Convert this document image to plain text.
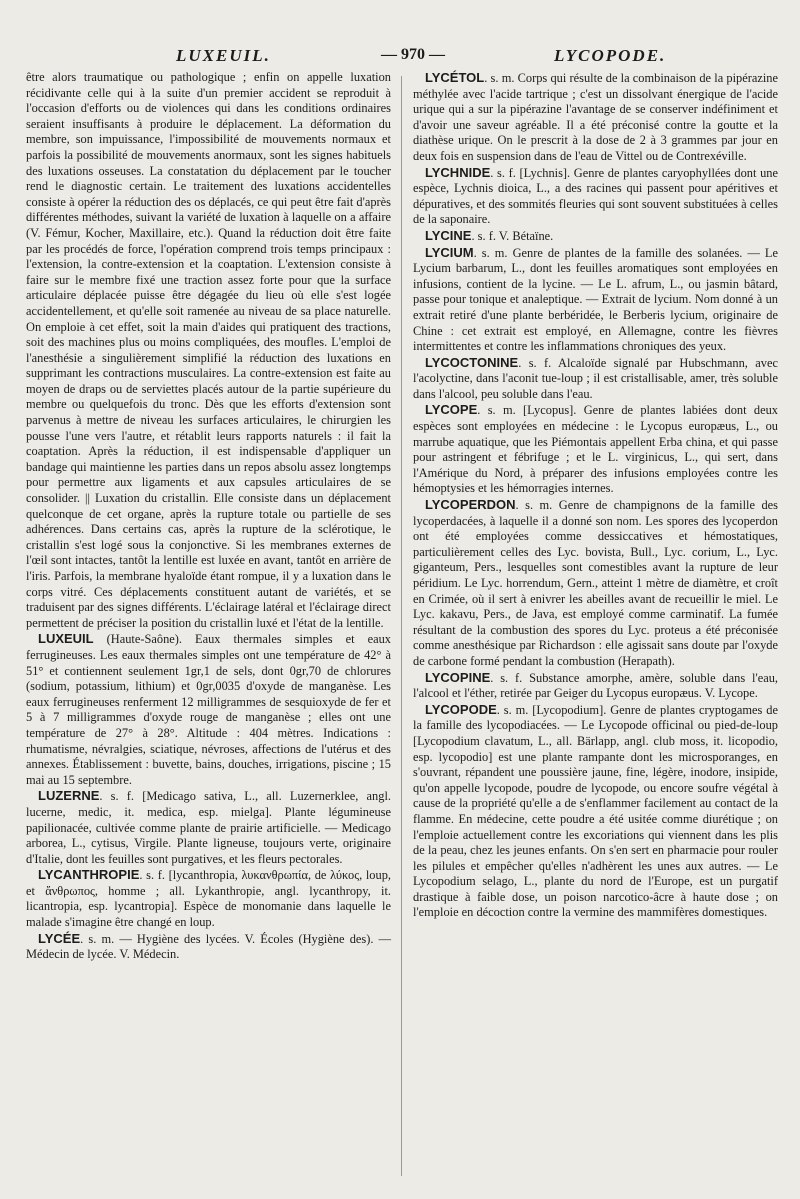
LUXEUIL.	— 970 —	LYCOPODE.

être alors traumatique ou pathologique ; enfin on appelle luxation récidivante celle qui à la suite d'un premier accident se reproduit à l'occasion d'efforts ou de violences qui dans les conditions ordinaires seraient insuffisants à produire le déplacement. La déformation du membre, son impuissance, l'impossibilité de mouvements normaux et parfois la possibilité de mouvements anormaux, sont les signes habituels des luxations osseuses. La constatation du déplacement par le toucher rend le diagnostic certain. Le traitement des luxations accidentelles consiste à opérer la réduction des os déplacés, ce qui peut être fait d'après différentes méthodes, suivant la variété de luxation à laquelle on a affaire (V. Fémur, Kocher, Maxillaire, etc.). Quand la réduction doit être faite par les procédés de force, l'opération comprend trois temps principaux : l'extension, la contre-extension et la coaptation. L'extension consiste à faire sur le membre fixé une traction assez forte pour que la surface articulaire déplacée puisse être dégagée du lieu où elle s'est logée accidentellement, et qu'elle soit ramenée au niveau de sa place naturelle. On emploie à cet effet, soit la main d'aides qui pratiquent des tractions, soit des machines plus ou moins compliquées, des moufles. L'emploi de l'anesthésie a singulièrement simplifié la réduction des luxations en supprimant les contractions musculaires. La contre-extension est faite au moyen de draps ou de serviettes placés autour de la partie supérieure du membre ou quelquefois du tronc. Dès que les efforts d'extension sont parvenus à mettre de niveau les surfaces articulaires, le chirurgien les pousse l'une vers l'autre, et rétablit leurs rapports naturels : il fait la coaptation. Après la réduction, il est indispensable d'appliquer un bandage qui maintienne les parties dans un repos absolu assez longtemps pour permettre aux ligaments et aux capsules articulaires de se consolider. || Luxation du cristallin. Elle consiste dans un déplacement quelconque de cet organe, après la rupture totale ou partielle de ses adhérences. Dans certains cas, après la rupture de la sclérotique, le cristallin s'est logé sous la conjonctive. Si les membranes externes de l'œil sont intactes, tantôt la lentille est luxée en avant, tantôt en arrière de l'iris. Parfois, la membrane hyaloïde étant rompue, il y a luxation dans le corps vitré. Ces déplacements constituent autant de variétés, et se traduisent par des signes différents. L'éclairage latéral et l'éclairage direct permettent de préciser la position du cristallin luxé et l'état de la lentille.

LUXEUIL (Haute-Saône). Eaux thermales simples et eaux ferrugineuses. Les eaux thermales simples ont une température de 42° à 51° et contiennent seulement 1gr,1 de sels, dont 0gr,70 de chlorures (sodium, potassium, lithium) et 0gr,0035 d'oxyde de manganèse. Les eaux ferrugineuses renferment 12 milligrammes de sesquioxyde de fer et 5 à 7 milligrammes d'oxyde rouge de manganèse ; elles ont une température de 27° à 28°. Altitude : 404 mètres. Indications : rhumatisme, névralgies, sciatique, névroses, affections de l'utérus et des annexes. Établissement : buvette, bains, douches, irrigations, piscine ; 15 mai au 15 septembre.

LUZERNE. s. f. [Medicago sativa, L., all. Luzernerklee, angl. lucerne, medic, it. medica, esp. mielga]. Plante légumineuse papilionacée, cultivée comme plante de prairie artificielle. — Medicago arborea, L., cytisus, Virgile. Plante ligneuse, toujours verte, originaire d'Italie, dont les feuilles sont purgatives, et les fleurs pectorales.

LYCANTHROPIE. s. f. [lycanthropia, λυκανθρωπία, de λύκος, loup, et ἄνθρωπος, homme ; all. Lykanthropie, angl. lycanthropy, it. licantropia, esp. lycantropia]. Espèce de monomanie dans laquelle le malade s'imagine être changé en loup.

LYCÉE. s. m. — Hygiène des lycées. V. Écoles (Hygiène des). — Médecin de lycée. V. Médecin.

LYCÉTOL. s. m. Corps qui résulte de la combinaison de la pipérazine méthylée avec l'acide tartrique ; c'est un dissolvant énergique de l'acide urique qui a sur la pipérazine l'avantage de se conserver indéfiniment et d'avoir une saveur agréable. Il a été préconisé contre la goutte et la diathèse urique. On le prescrit à la dose de 2 à 3 grammes par jour en deux fois en suspension dans de l'eau de Vittel ou de Contrexéville.

LYCHNIDE. s. f. [Lychnis]. Genre de plantes caryophyllées dont une espèce, Lychnis dioica, L., a des racines qui passent pour apéritives et dépuratives, et des sommités fleuries qui sont souvent substituées à celles de la saponaire.

LYCINE. s. f. V. Bétaïne.

LYCIUM. s. m. Genre de plantes de la famille des solanées. — Le Lycium barbarum, L., dont les feuilles aromatiques sont employées en infusions, contient de la lycine. — Le L. afrum, L., ou jasmin bâtard, passe pour tonique et analeptique. — Extrait de lycium. Nom donné à un extrait retiré d'une plante berbéridée, le Berberis lycium, originaire de Chine : cet extrait est employé, en Allemagne, contre les fièvres intermittentes et contre les inflammations chroniques des yeux.

LYCOCTONINE. s. f. Alcaloïde signalé par Hubschmann, avec l'acolyctine, dans l'aconit tue-loup ; il est cristallisable, amer, très soluble dans l'alcool, peu soluble dans l'eau.

LYCOPE. s. m. [Lycopus]. Genre de plantes labiées dont deux espèces sont employées en médecine : le Lycopus europæus, L., ou marrube aquatique, que les Piémontais appellent Erba china, et qui passe pour astringent et fébrifuge ; et le L. virginicus, L., qui sert, dans l'Amérique du Nord, à préparer des infusions employées contre les hémoptysies et les hémorragies internes.

LYCOPERDON. s. m. Genre de champignons de la famille des lycoperdacées, à laquelle il a donné son nom. Les spores des lycoperdon ont été employées comme dessiccatives et hémostatiques, particulièrement celles des Lyc. bovista, Bull., Lyc. corium, L., Lyc. giganteum, Pers., lesquelles sont comestibles avant la rupture de leur péridium. Le Lyc. horrendum, Gern., atteint 1 mètre de diamètre, et croît en Crimée, où il sert à enivrer les abeilles avant de recueillir le miel. Le Lyc. kakavu, Pers., de Java, est employé comme carminatif. La fumée résultant de la combustion des spores du Lyc. proteus a été préconisée comme anesthésique par Richardson : elle agissait sans doute par l'oxyde de carbone formé pendant la combustion (Herapath).

LYCOPINE. s. f. Substance amorphe, amère, soluble dans l'eau, l'alcool et l'éther, retirée par Geiger du Lycopus europæus. V. Lycope.

LYCOPODE. s. m. [Lycopodium]. Genre de plantes cryptogames de la famille des lycopodiacées. — Le Lycopode officinal ou pied-de-loup [Lycopodium clavatum, L., all. Bärlapp, angl. club moss, it. licopodio, esp. lycopodio] est une plante rampante dont les microsporanges, en s'ouvrant, répandent une poussière jaune, fine, légère, inodore, insipide, qu'on appelle lycopode, poudre de lycopode, ou encore soufre végétal à cause de la propriété qu'elle a de s'enflammer facilement au contact de la flamme. En médecine, cette poudre a été usitée comme diurétique ; on l'emploie actuellement contre les excoriations qui viennent dans les plis de la peau, chez les jeunes enfants. On s'en sert en pharmacie pour rouler les pilules et empêcher qu'elles n'adhèrent les unes aux autres. — Le Lycopodium selago, L., plante du nord de l'Europe, est un purgatif drastique à faible dose, un poison narcotico-âcre à haute dose ; on l'emploie en décoction contre la vermine des mammifères domestiques.
